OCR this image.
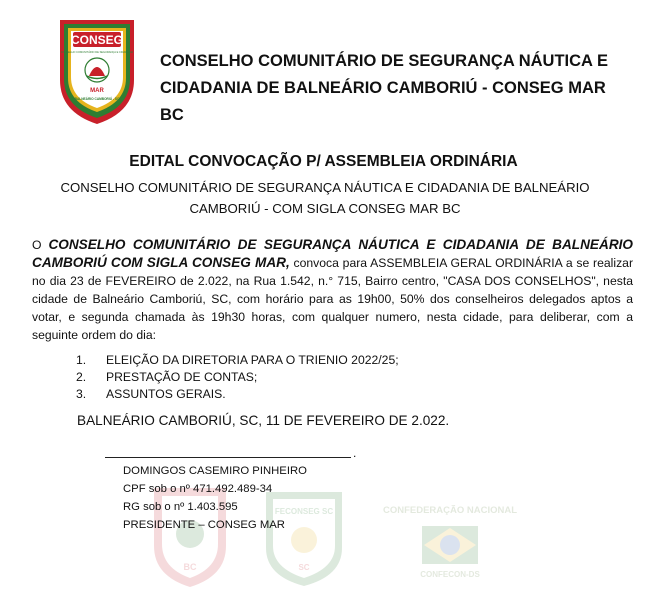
CONSEG
CONSELHO COMUNITÁRIO DE SEGURANÇA E CIDADANIA
MAR
BALNEÁRIO CAMBORIÚ - SC
CONSELHO COMUNITÁRIO DE SEGURANÇA NÁUTICA E
CIDADANIA DE BALNEÁRIO CAMBORIÚ - CONSEG MAR BC
EDITAL CONVOCAÇÃO P/ ASSEMBLEIA ORDINÁRIA
CONSELHO COMUNITÁRIO DE SEGURANÇA NÁUTICA E CIDADANIA DE BALNEÁRIO
CAMBORIÚ - COM SIGLA CONSEG MAR BC
O CONSELHO COMUNITÁRIO DE SEGURANÇA NÁUTICA E CIDADANIA DE BALNEÁRIO CAMBORIÚ COM SIGLA CONSEG MAR, convoca para ASSEMBLEIA GERAL ORDINÁRIA a se realizar no dia 23 de FEVEREIRO de 2.022, na Rua 1.542, n.° 715, Bairro centro, "CASA DOS CONSELHOS", nesta cidade de Balneário Camboriú, SC, com horário para as 19h00, 50% dos conselheiros delegados aptos a votar, e segunda chamada às 19h30 horas, com qualquer numero, nesta cidade, para deliberar, com a seguinte ordem do dia:
1.	ELEIÇÃO DA DIRETORIA PARA O TRIENIO 2022/25;
2.	PRESTAÇÃO DE CONTAS;
3.	ASSUNTOS GERAIS.
BALNEÁRIO CAMBORIÚ, SC, 11 DE FEVEREIRO DE 2.022.
BC
FECONSEG SC
SC
CONFEDERAÇÃO NACIONAL
CONFECON-DS
.
DOMINGOS CASEMIRO PINHEIRO
CPF sob o nº 471.492.489-34
RG sob o nº 1.403.595
PRESIDENTE – CONSEG MAR
